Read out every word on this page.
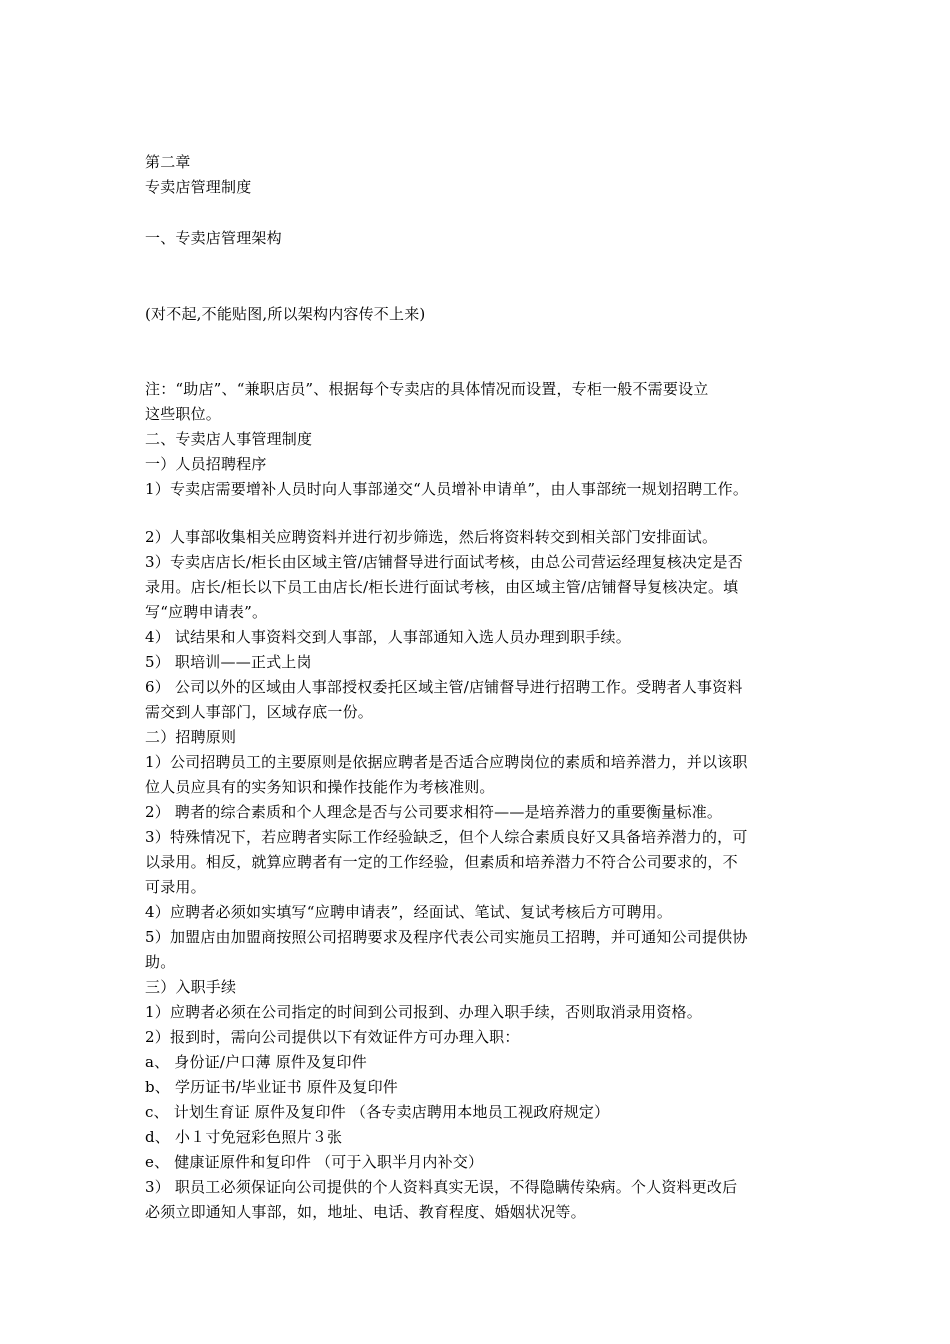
第二章
专卖店管理制度
一、专卖店管理架构
(对不起,不能贴图,所以架构内容传不上来)
注：“助店”、“兼职店员”、根据每个专卖店的具体情况而设置，专柜一般不需要设立
这些职位。
二、专卖店人事管理制度
一）人员招聘程序
1）专卖店需要增补人员时向人事部递交“人员增补申请单”，由人事部统一规划招聘工作。
2）人事部收集相关应聘资料并进行初步筛选，然后将资料转交到相关部门安排面试。
3）专卖店店长/柜长由区域主管/店铺督导进行面试考核，由总公司营运经理复核决定是否
录用。店长/柜长以下员工由店长/柜长进行面试考核，由区域主管/店铺督导复核决定。填
写“应聘申请表”。
4） 试结果和人事资料交到人事部，人事部通知入选人员办理到职手续。
5） 职培训——正式上岗
6） 公司以外的区域由人事部授权委托区域主管/店铺督导进行招聘工作。受聘者人事资料
需交到人事部门，区域存底一份。
二）招聘原则
1）公司招聘员工的主要原则是依据应聘者是否适合应聘岗位的素质和培养潜力，并以该职
位人员应具有的实务知识和操作技能作为考核准则。
2） 聘者的综合素质和个人理念是否与公司要求相符——是培养潜力的重要衡量标准。
3）特殊情况下，若应聘者实际工作经验缺乏，但个人综合素质良好又具备培养潜力的，可
以录用。相反，就算应聘者有一定的工作经验，但素质和培养潜力不符合公司要求的，不
可录用。
4）应聘者必须如实填写“应聘申请表”，经面试、笔试、复试考核后方可聘用。
5）加盟店由加盟商按照公司招聘要求及程序代表公司实施员工招聘，并可通知公司提供协
助。
三）入职手续
1）应聘者必须在公司指定的时间到公司报到、办理入职手续，否则取消录用资格。
2）报到时，需向公司提供以下有效证件方可办理入职：
a、 身份证/户口薄 原件及复印件
b、 学历证书/毕业证书 原件及复印件
c、 计划生育证 原件及复印件 （各专卖店聘用本地员工视政府规定）
d、 小１寸免冠彩色照片３张
e、 健康证原件和复印件 （可于入职半月内补交）
3） 职员工必须保证向公司提供的个人资料真实无误，不得隐瞒传染病。个人资料更改后
必须立即通知人事部，如，地址、电话、教育程度、婚姻状况等。
